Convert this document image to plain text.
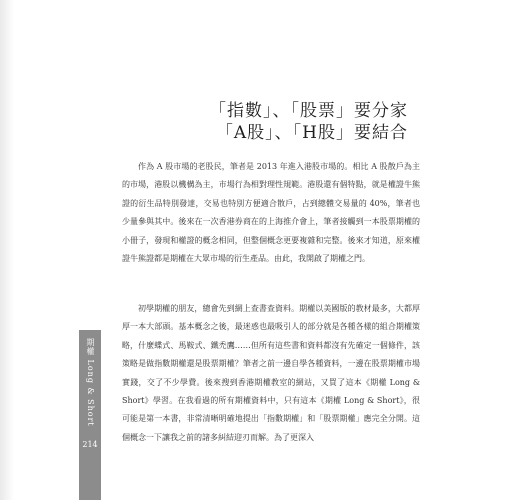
「指數」、「股票」要分家
「A股」、「H股」要結合

作為 A 股市場的老股民，筆者是 2013 年進入港股市場的。相比 A 股散戶為主的市場，港股以機構為主，市場行為相對理性規範。港股還有個特點，就是權證牛熊證的衍生品特別發達，交易也特別方便適合散戶，占到總體交易量的 40%，筆者也少量參與其中。後來在一次香港券商在的上海推介會上，筆者接觸到一本股票期權的小冊子，發現和權證的概念相同，但整個概念更要複雜和完整。後來才知道，原來權證牛熊證都是期權在大眾市場的衍生產品。由此，我開啟了期權之門。

初學期權的朋友，總會先到網上查書查資料。期權以美國版的教材最多，大都厚厚一本大部頭。基本概念之後，最迷惑也最吸引人的部分就是各種各樣的組合期權策略，什麼蝶式、馬鞍式、鐵禿鷹……但所有這些書和資料都沒有先確定一個條件，該策略是做指數期權還是股票期權？筆者之前一邊自學各種資料，一邊在股票期權市場實踐，交了不少學費。後來搜到香港期權教室的網站，又買了這本《期權 Long & Short》學習。在我看過的所有期權資料中，只有這本《期權 Long & Short》，很可能是第一本書，非常清晰明確地提出「指數期權」和「股票期權」應完全分開。這個概念一下讓我之前的諸多糾結迎刃而解。為了更深入

期權 Long & Short
214
